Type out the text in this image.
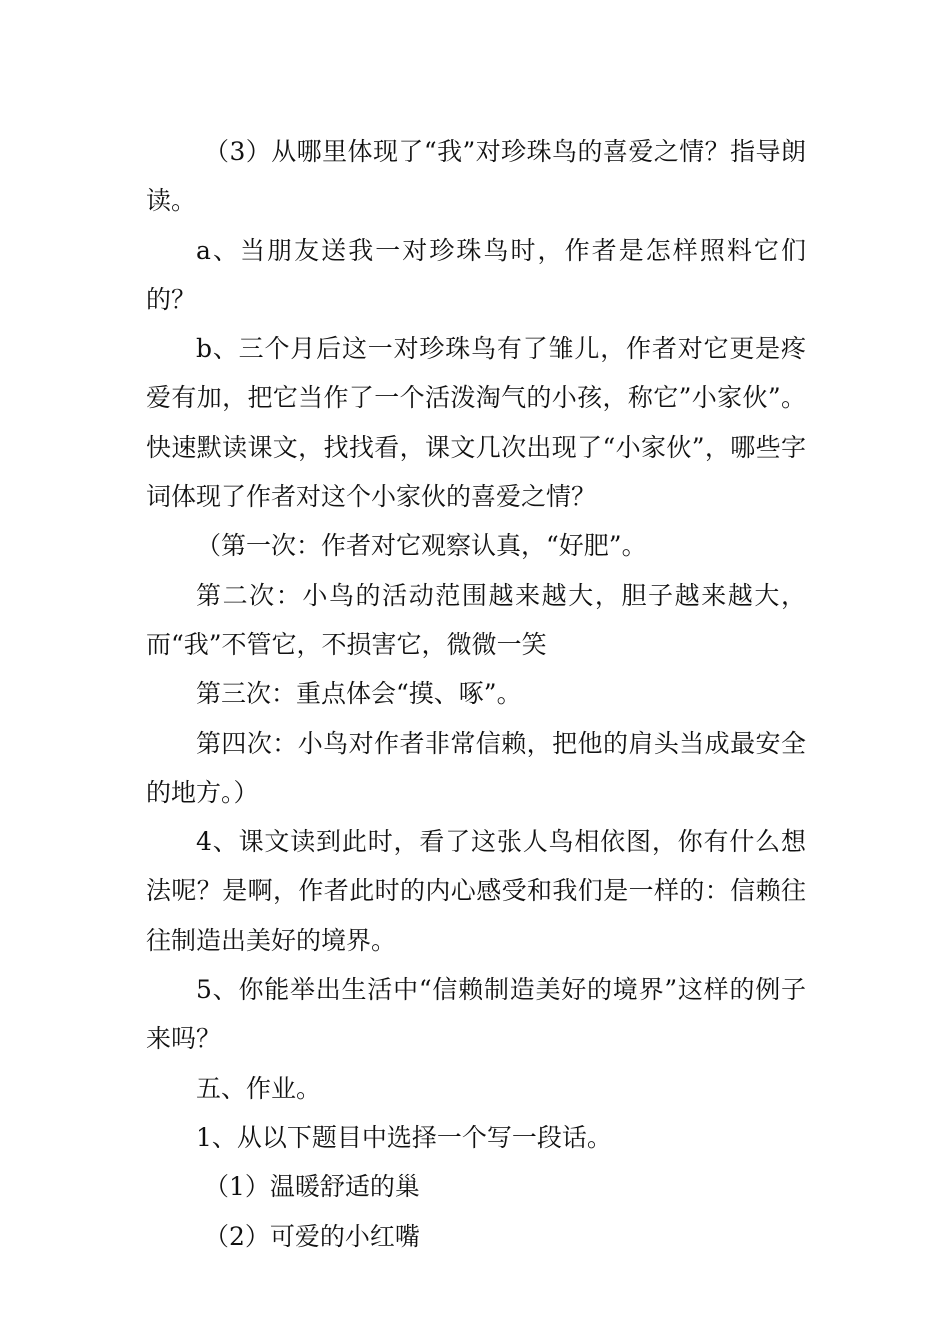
（3）从哪里体现了“我”对珍珠鸟的喜爱之情？指导朗读。

a、当朋友送我一对珍珠鸟时，作者是怎样照料它们的？

b、三个月后这一对珍珠鸟有了雏儿，作者对它更是疼爱有加，把它当作了一个活泼淘气的小孩，称它”小家伙”。快速默读课文，找找看，课文几次出现了“小家伙”，哪些字词体现了作者对这个小家伙的喜爱之情？

（第一次：作者对它观察认真，“好肥”。

第二次：小鸟的活动范围越来越大，胆子越来越大，而“我”不管它，不损害它，微微一笑

第三次：重点体会“摸、啄”。

第四次：小鸟对作者非常信赖，把他的肩头当成最安全的地方。）

4、课文读到此时，看了这张人鸟相依图，你有什么想法呢？是啊，作者此时的内心感受和我们是一样的：信赖往往制造出美好的境界。

5、你能举出生活中“信赖制造美好的境界”这样的例子来吗？

五、作业。

1、从以下题目中选择一个写一段话。

（1）温暖舒适的巢

（2）可爱的小红嘴
